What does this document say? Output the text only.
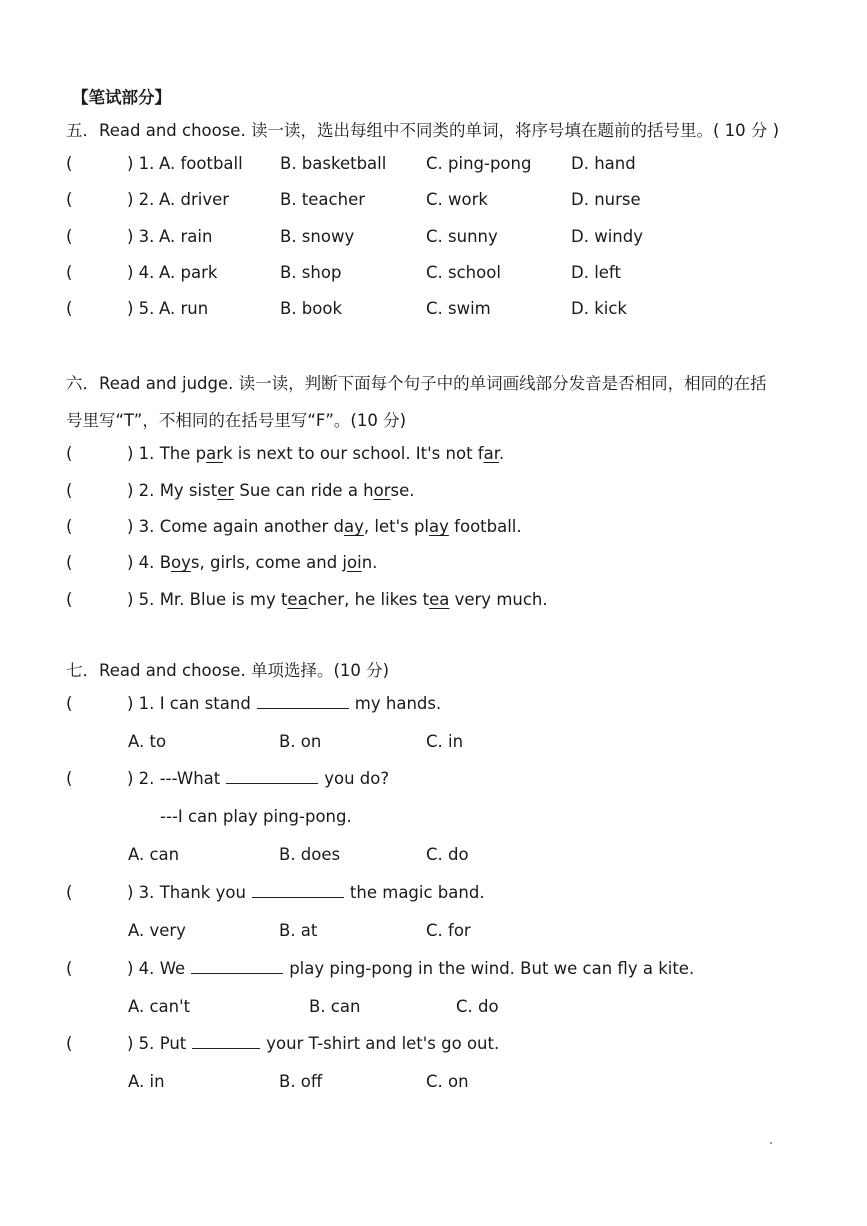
【笔试部分】
五．Read and choose. 读一读，选出每组中不同类的单词，将序号填在题前的括号里。( 10 分 )
(	) 1. A. football B. basketball C. ping-pong D. hand
(	) 2. A. driver	B. teacher	C. work	D. nurse
(	) 3. A. rain	B. snowy	C. sunny	D. windy
(	) 4. A. park	B. shop	C. school	D. left
(	) 5. A. run	B. book	C. swim	D. kick
六．Read and judge. 读一读，判断下面每个句子中的单词画线部分发音是否相同，相同的在括
号里写“T”，不相同的在括号里写“F”。(10 分)
(	) 1. The park is next to our school. It's not far.
(	) 2. My sister Sue can ride a horse.
(	) 3. Come again another day, let's play football.
(	) 4. Boys, girls, come and join.
(	) 5. Mr. Blue is my teacher, he likes tea very much.
七．Read and choose. 单项选择。(10 分)
(	) 1. I can stand	my hands.
A. to	B. on	C. in
(	) 2. ---What	you do?
---I can play ping-pong.
A. can	B. does	C. do
(	) 3. Thank you	the magic band.
A. very	B. at	C. for
(	) 4. We	play ping-pong in the wind. But we can fly a kite.
A. can't	B. can	C. do
(	) 5. Put	your T-shirt and let's go out.
A. in	B. off	C. on
